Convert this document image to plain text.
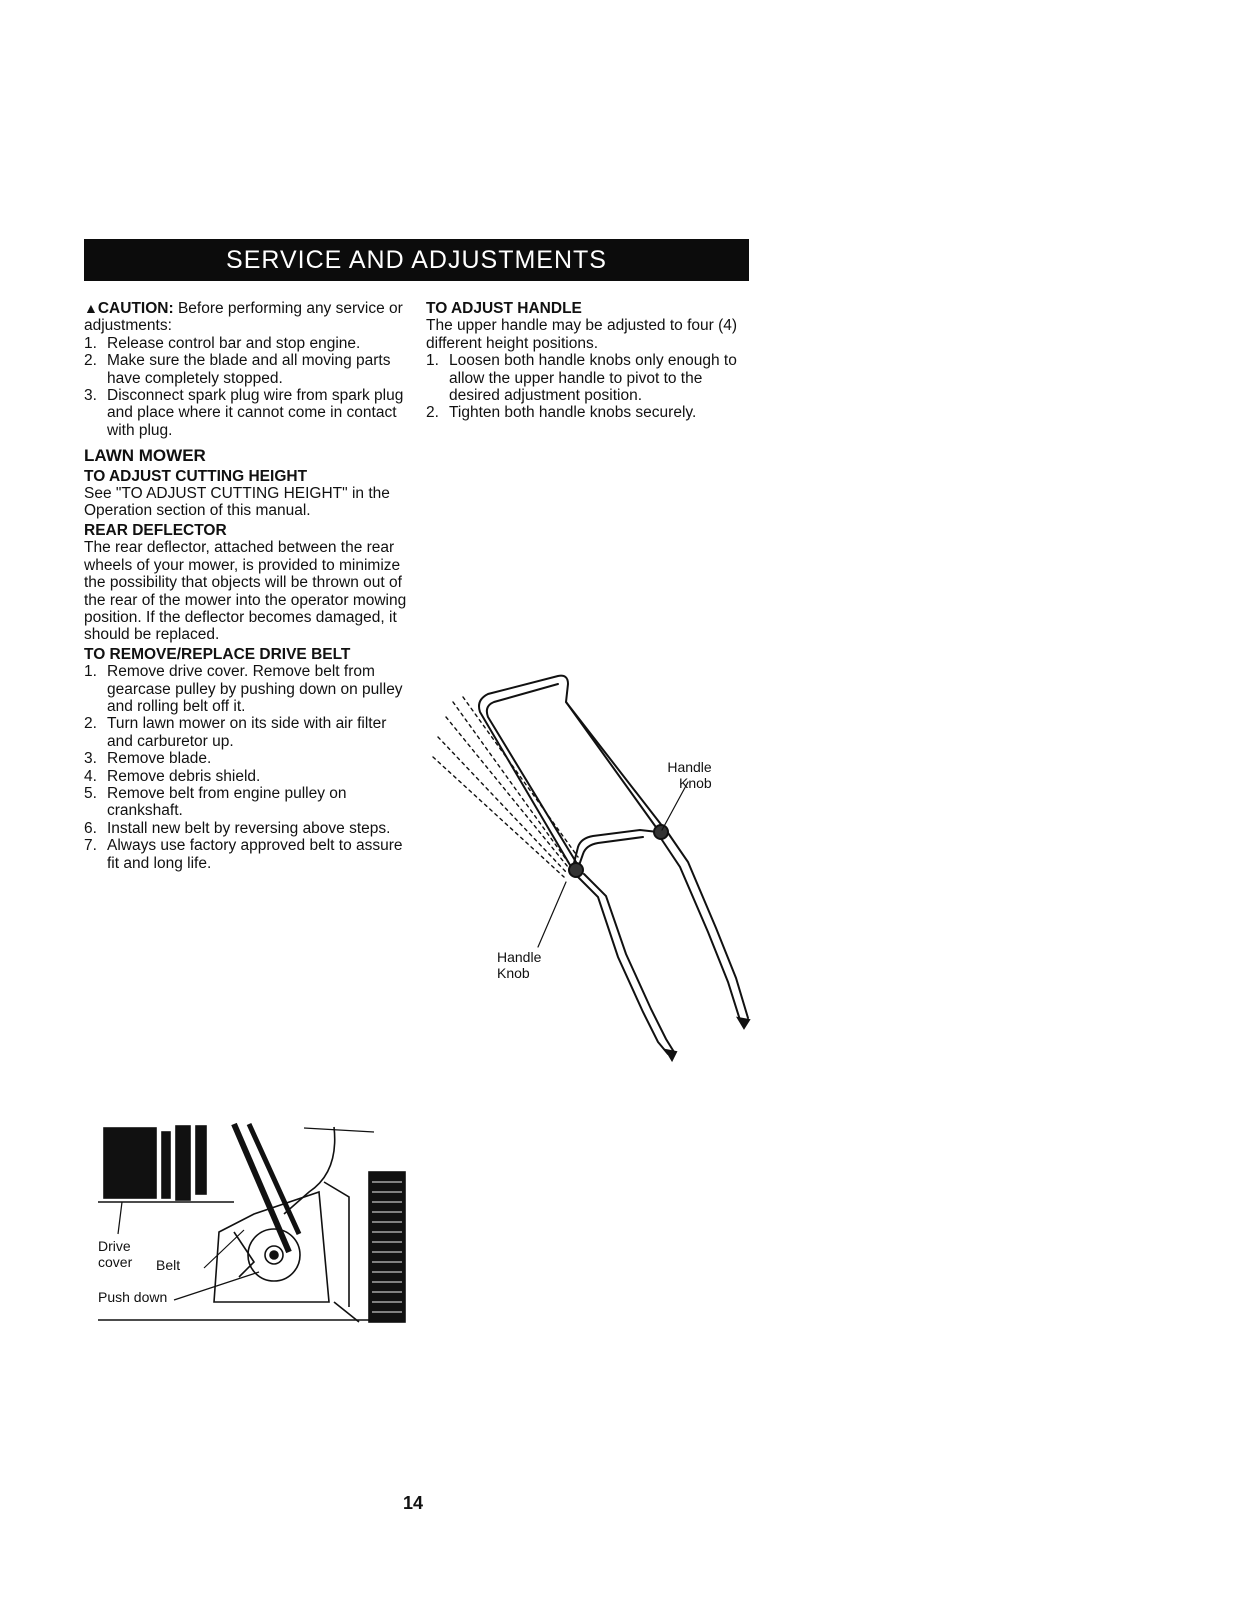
SERVICE AND ADJUSTMENTS

▲CAUTION: Before performing any service or adjustments:

1. Release control bar and stop engine.
2. Make sure the blade and all moving parts have completely stopped.
3. Disconnect spark plug wire from spark plug and place where it cannot come in contact with plug.

LAWN MOWER

TO ADJUST CUTTING HEIGHT

See "TO ADJUST CUTTING HEIGHT" in the Operation section of this manual.

REAR DEFLECTOR

The rear deflector, attached between the rear wheels of your mower, is provided to minimize the possibility that objects will be thrown out of the rear of the mower into the operator mowing position. If the deflector becomes damaged, it should be replaced.

TO REMOVE/REPLACE DRIVE BELT

1. Remove drive cover. Remove belt from gearcase pulley by pushing down on pulley and rolling belt off it.
2. Turn lawn mower on its side with air filter and carburetor up.
3. Remove blade.
4. Remove debris shield.
5. Remove belt from engine pulley on crankshaft.
6. Install new belt by reversing above steps.
7. Always use factory approved belt to assure fit and long life.

TO ADJUST HANDLE

The upper handle may be adjusted to four (4) different height positions.

1. Loosen both handle knobs only enough to allow the upper handle to pivot to the desired adjustment position.
2. Tighten both handle knobs securely.
Handle
Knob
Handle
Knob
Drive
cover Belt
Push down
14
